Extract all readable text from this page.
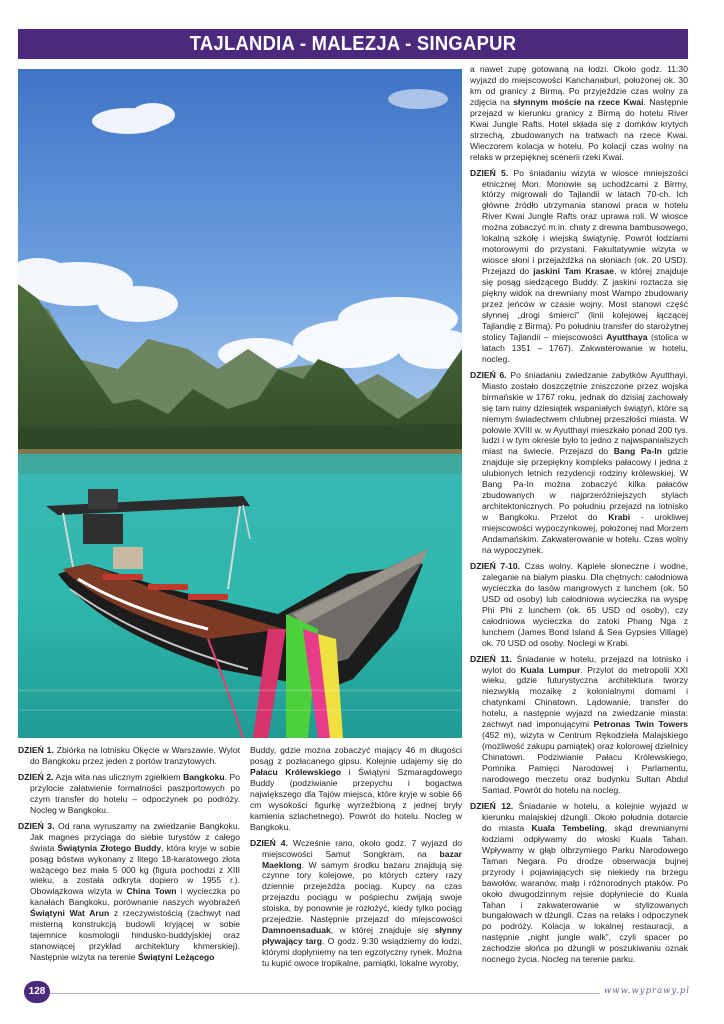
TAJLANDIA - MALEZJA - SINGAPUR

DZIEŃ 1. Zbiórka na lotnisku Okęcie w Warszawie. Wylot do Bangkoku przez jeden z portów tranzytowych.

DZIEŃ 2. Azja wita nas ulicznym zgiełkiem Bangkoku. Po przylocie załatwienie formalności paszportowych po czym transfer do hotelu – odpoczynek po podróży. Nocleg w Bangkoku.

DZIEŃ 3. Od rana wyruszamy na zwiedzanie Bangkoku. Jak magnes przyciąga do siebie turystów z całego świata Świątynia Złotego Buddy, która kryje w sobie posąg bóstwa wykonany z litego 18-karatowego złota ważącego bez mała 5 000 kg (figura pochodzi z XIII wieku, a została odkryta dopiero w 1955 r.). Obowiązkowa wizyta w China Town i wycieczka po kanałach Bangkoku, porównanie naszych wyobrażeń Świątyni Wat Arun z rzeczywistością (zachwyt nad misterną konstrukcją budowli kryjącej w sobie tajemnice kosmologii hindusko-buddyjskiej oraz stanowiącej przykład architektury khmerskiej). Następnie wizyta na terenie Świątyni Leżącego

Buddy, gdzie można zobaczyć mający 46 m długości posąg z pozłacanego gipsu. Kolejnie udajemy się do Pałacu Królewskiego i Świątyni Szmaragdowego Buddy (podziwianie przepychu i bogactwa największego dla Tajów miejsca, które kryje w sobie 66 cm wysokości figurkę wyrzeźbioną z jednej bryły kamienia szlachetnego). Powrót do hotelu. Nocleg w Bangkoku.

DZIEŃ 4. Wcześnie rano, około godz. 7 wyjazd do miejscowości Samut Songkram, na bazar Maeklong. W samym środku bazaru znajdują się czynne tory kolejowe, po których cztery razy dziennie przejeżdża pociąg. Kupcy na czas przejazdu pociągu w pośpiechu zwijają swoje stoiska, by ponownie je rozłożyć, kiedy tylko pociąg przejedzie. Następnie przejazd do miejscowości Damnoensaduak, w której znajduje się słynny pływający targ. O godz. 9:30 wsiądziemy do łodzi, którymi dopłyniemy na ten egzotyczny rynek. Można tu kupić owoce tropikalne, pamiątki, lokalne wyroby,

a nawet zupę gotowaną na łodzi. Około godz. 11:30 wyjazd do miejscowości Kanchanaburi, położonej ok. 30 km od granicy z Birmą. Po przyjeździe czas wolny za zdjęcia na słynnym moście na rzece Kwai. Następnie przejazd w kierunku granicy z Birmą do hotelu River Kwai Jungle Rafts. Hotel składa się z domków krytych strzechą, zbudowanych na tratwach na rzece Kwai. Wieczorem kolacja w hotelu. Po kolacji czas wolny na relaks w przepięknej scenerii rzeki Kwai.

DZIEŃ 5. Po śniadaniu wizyta w wiosce mniejszości etnicznej Mon. Monowie są uchodźcami z Birmy, którzy migrowali do Tajlandii w latach 70-ch. Ich główne źródło utrzymania stanowi praca w hotelu River Kwai Jungle Rafts oraz uprawa roli. W wiosce można zobaczyć m.in. chaty z drewna bambusowego, lokalną szkołę i wiejską świątynię. Powrót łodziami motorowymi do przystani. Fakultatywnie wizyta w wiosce słoni i przejażdżka na słoniach (ok. 20 USD). Przejazd do jaskini Tam Krasae, w której znajduje się posąg siedzącego Buddy. Z jaskini roztacza się piękny widok na drewniany most Wampo zbudowany przez jeńców w czasie wojny. Most stanowi część słynnej „drogi śmierci” (linii kolejowej łączącej Tajlandię z Birmą). Po południu transfer do starożytnej stolicy Tajlandii – miejscowości Ayutthaya (stolica w latach 1351 – 1767). Zakwaterowanie w hotelu, nocleg.

DZIEŃ 6. Po śniadaniu zwiedzanie zabytków Ayutthayi. Miasto zostało doszczętnie zniszczone przez wojska birmańskie w 1767 roku, jednak do dzisiaj zachowały się tam ruiny dziesiątek wspaniałych świątyń, które są niemym świadectwem chlubnej przeszłości miasta. W połowie XVIII w. w Ayutthayi mieszkało ponad 200 tys. ludzi i w tym okresie było to jedno z najwspanialszych miast na świecie. Przejazd do Bang Pa-In gdzie znajduje się przepiękny kompleks pałacowy i jedna z ulubionych letnich rezydencji rodziny królewskiej. W Bang Pa-In można zobaczyć kilka pałaców zbudowanych w najprzeróżniejszych stylach architektonicznych. Po południu przejazd na lotnisko w Bangkoku. Przelot do Krabi - urokliwej miejscowości wypoczynkowej, położonej nad Morzem Andamańskim. Zakwaterowanie w hotelu. Czas wolny na wypoczynek.

DZIEŃ 7-10. Czas wolny. Kąpiele słoneczne i wodne, zaleganie na białym piasku. Dla chętnych: całodniowa wycieczka do lasów mangrowych z lunchem (ok. 50 USD od osoby) lub całodniowa wycieczka na wyspę Phi Phi z lunchem (ok. 65 USD od osoby), czy całodniowa wycieczka do zatoki Phang Nga z lunchem (James Bond Island & Sea Gypsies Village) ok. 70 USD od osoby. Noclegi w Krabi.

DZIEŃ 11. Śniadanie w hotelu, przejazd na lotnisko i wylot do Kuala Lumpur. Przylot do metropolii XXI wieku, gdzie futurystyczna architektura tworzy niezwykłą mozaikę z kolonialnymi domami i chatynkami Chinatown. Lądowanie, transfer do hotelu, a następnie wyjazd na zwiedzanie miasta: zachwyt nad imponującymi Petronas Twin Towers (452 m), wizyta w Centrum Rękodzieła Malajskiego (możliwość zakupu pamiątek) oraz kolorowej dzielnicy Chinatown. Podziwianie Pałacu Królewskiego, Pomnika Pamięci Narodowej i Parlamentu, narodowego meczetu oraz budynku Sultan Abdul Samad. Powrót do hotelu na nocleg.

DZIEŃ 12. Śniadanie w hotelu, a kolejnie wyjazd w kierunku malajskiej dżungli. Około południa dotarcie do miasta Kuala Tembeling, skąd drewnianymi łodziami odpływamy do wioski Kuala Tahan. Wpływamy w głąb olbrzymiego Parku Narodowego Taman Negara. Po drodze obserwacja bujnej przyrody i pojawiających się niekiedy na brzegu bawołów, waranów, małp i różnorodnych ptaków. Po około dwugodzinnym rejsie dopłyniecie do Kuala Tahan i zakwaterowanie w stylizowanych bungalowach w dżungli. Czas na relaks i odpoczynek po podróży. Kolacja w lokalnej restauracji, a następnie „night jungle walk”, czyli spacer po zachodzie słońca po dżungli w poszukiwaniu oznak nocnego życia. Nocleg na terenie parku.

128	www.wyprawy.pl
